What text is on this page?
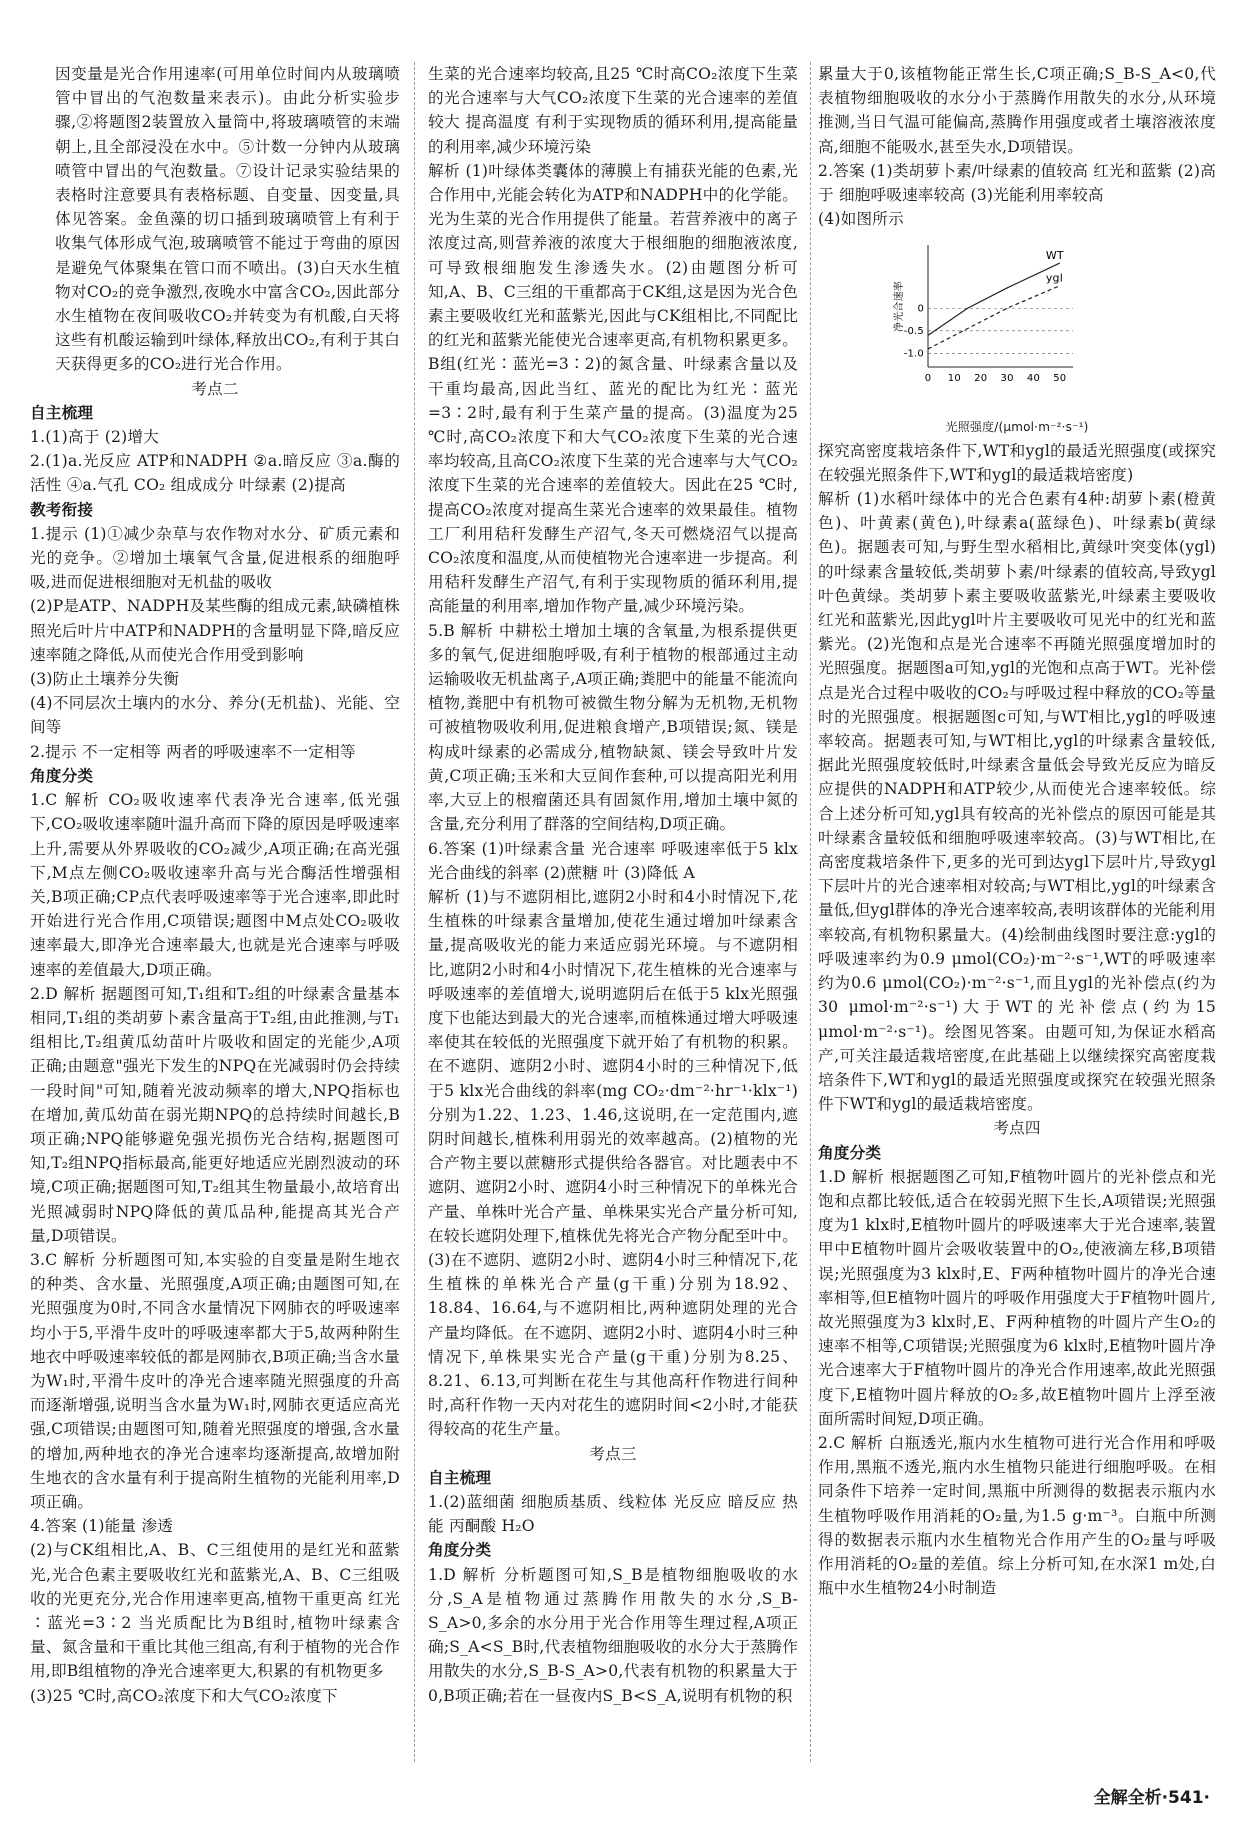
因变量是光合作用速率(可用单位时间内从玻璃喷管中冒出的气泡数量来表示)。由此分析实验步骤,②将题图2装置放入量筒中,将玻璃喷管的末端朝上,且全部浸没在水中。⑤计数一分钟内从玻璃喷管中冒出的气泡数量。⑦设计记录实验结果的表格时注意要具有表格标题、自变量、因变量,具体见答案。金鱼藻的切口插到玻璃喷管上有利于收集气体形成气泡,玻璃喷管不能过于弯曲的原因是避免气体聚集在管口而不喷出。(3)白天水生植物对CO₂的竞争激烈,夜晚水中富含CO₂,因此部分水生植物在夜间吸收CO₂并转变为有机酸,白天将这些有机酸运输到叶绿体,释放出CO₂,有利于其白天获得更多的CO₂进行光合作用。

考点二

自主梳理

1.(1)高于 (2)增大

2.(1)a.光反应 ATP和NADPH ②a.暗反应 ③a.酶的活性 ④a.气孔 CO₂ 组成成分 叶绿素 (2)提高

教考衔接

1.提示 (1)①减少杂草与农作物对水分、矿质元素和光的竞争。②增加土壤氧气含量,促进根系的细胞呼吸,进而促进根细胞对无机盐的吸收

(2)P是ATP、NADPH及某些酶的组成元素,缺磷植株照光后叶片中ATP和NADPH的含量明显下降,暗反应速率随之降低,从而使光合作用受到影响

(3)防止土壤养分失衡

(4)不同层次土壤内的水分、养分(无机盐)、光能、空间等

2.提示 不一定相等 两者的呼吸速率不一定相等

角度分类

1.C 解析 CO₂吸收速率代表净光合速率,低光强下,CO₂吸收速率随叶温升高而下降的原因是呼吸速率上升,需要从外界吸收的CO₂减少,A项正确;在高光强下,M点左侧CO₂吸收速率升高与光合酶活性增强相关,B项正确;CP点代表呼吸速率等于光合速率,即此时开始进行光合作用,C项错误;题图中M点处CO₂吸收速率最大,即净光合速率最大,也就是光合速率与呼吸速率的差值最大,D项正确。

2.D 解析 据题图可知,T₁组和T₂组的叶绿素含量基本相同,T₁组的类胡萝卜素含量高于T₂组,由此推测,与T₁组相比,T₂组黄瓜幼苗叶片吸收和固定的光能少,A项正确;由题意"强光下发生的NPQ在光减弱时仍会持续一段时间"可知,随着光波动频率的增大,NPQ指标也在增加,黄瓜幼苗在弱光期NPQ的总持续时间越长,B项正确;NPQ能够避免强光损伤光合结构,据题图可知,T₂组NPQ指标最高,能更好地适应光剧烈波动的环境,C项正确;据题图可知,T₂组其生物量最小,故培育出光照减弱时NPQ降低的黄瓜品种,能提高其光合产量,D项错误。

3.C 解析 分析题图可知,本实验的自变量是附生地衣的种类、含水量、光照强度,A项正确;由题图可知,在光照强度为0时,不同含水量情况下网肺衣的呼吸速率均小于5,平滑牛皮叶的呼吸速率都大于5,故两种附生地衣中呼吸速率较低的都是网肺衣,B项正确;当含水量为W₁时,平滑牛皮叶的净光合速率随光照强度的升高而逐渐增强,说明当含水量为W₁时,网肺衣更适应高光强,C项错误;由题图可知,随着光照强度的增强,含水量的增加,两种地衣的净光合速率均逐渐提高,故增加附生地衣的含水量有利于提高附生植物的光能利用率,D项正确。

4.答案 (1)能量 渗透

(2)与CK组相比,A、B、C三组使用的是红光和蓝紫光,光合色素主要吸收红光和蓝紫光,A、B、C三组吸收的光更充分,光合作用速率更高,植物干重更高 红光∶蓝光=3∶2 当光质配比为B组时,植物叶绿素含量、氮含量和干重比其他三组高,有利于植物的光合作用,即B组植物的净光合速率更大,积累的有机物更多

(3)25 ℃时,高CO₂浓度下和大气CO₂浓度下

生菜的光合速率均较高,且25 ℃时高CO₂浓度下生菜的光合速率与大气CO₂浓度下生菜的光合速率的差值较大 提高温度 有利于实现物质的循环利用,提高能量的利用率,减少环境污染

解析 (1)叶绿体类囊体的薄膜上有捕获光能的色素,光合作用中,光能会转化为ATP和NADPH中的化学能。光为生菜的光合作用提供了能量。若营养液中的离子浓度过高,则营养液的浓度大于根细胞的细胞液浓度,可导致根细胞发生渗透失水。(2)由题图分析可知,A、B、C三组的干重都高于CK组,这是因为光合色素主要吸收红光和蓝紫光,因此与CK组相比,不同配比的红光和蓝紫光能使光合速率更高,有机物积累更多。B组(红光∶蓝光=3∶2)的氮含量、叶绿素含量以及干重均最高,因此当红、蓝光的配比为红光∶蓝光=3∶2时,最有利于生菜产量的提高。(3)温度为25 ℃时,高CO₂浓度下和大气CO₂浓度下生菜的光合速率均较高,且高CO₂浓度下生菜的光合速率与大气CO₂浓度下生菜的光合速率的差值较大。因此在25 ℃时,提高CO₂浓度对提高生菜光合速率的效果最佳。植物工厂利用秸秆发酵生产沼气,冬天可燃烧沼气以提高CO₂浓度和温度,从而使植物光合速率进一步提高。利用秸秆发酵生产沼气,有利于实现物质的循环利用,提高能量的利用率,增加作物产量,减少环境污染。

5.B 解析 中耕松土增加土壤的含氧量,为根系提供更多的氧气,促进细胞呼吸,有利于植物的根部通过主动运输吸收无机盐离子,A项正确;粪肥中的能量不能流向植物,粪肥中有机物可被微生物分解为无机物,无机物可被植物吸收利用,促进粮食增产,B项错误;氮、镁是构成叶绿素的必需成分,植物缺氮、镁会导致叶片发黄,C项正确;玉米和大豆间作套种,可以提高阳光利用率,大豆上的根瘤菌还具有固氮作用,增加土壤中氮的含量,充分利用了群落的空间结构,D项正确。

6.答案 (1)叶绿素含量 光合速率 呼吸速率低于5 klx光合曲线的斜率 (2)蔗糖 叶 (3)降低 A

解析 (1)与不遮阴相比,遮阴2小时和4小时情况下,花生植株的叶绿素含量增加,使花生通过增加叶绿素含量,提高吸收光的能力来适应弱光环境。与不遮阴相比,遮阴2小时和4小时情况下,花生植株的光合速率与呼吸速率的差值增大,说明遮阴后在低于5 klx光照强度下也能达到最大的光合速率,而植株通过增大呼吸速率使其在较低的光照强度下就开始了有机物的积累。在不遮阴、遮阴2小时、遮阴4小时的三种情况下,低于5 klx光合曲线的斜率(mg CO₂·dm⁻²·hr⁻¹·klx⁻¹)分别为1.22、1.23、1.46,这说明,在一定范围内,遮阴时间越长,植株利用弱光的效率越高。(2)植物的光合产物主要以蔗糖形式提供给各器官。对比题表中不遮阴、遮阴2小时、遮阴4小时三种情况下的单株光合产量、单株叶光合产量、单株果实光合产量分析可知,在较长遮阴处理下,植株优先将光合产物分配至叶中。(3)在不遮阴、遮阴2小时、遮阴4小时三种情况下,花生植株的单株光合产量(g干重)分别为18.92、18.84、16.64,与不遮阴相比,两种遮阴处理的光合产量均降低。在不遮阴、遮阴2小时、遮阴4小时三种情况下,单株果实光合产量(g干重)分别为8.25、8.21、6.13,可判断在花生与其他高秆作物进行间种时,高秆作物一天内对花生的遮阴时间<2小时,才能获得较高的花生产量。

考点三

自主梳理

1.(2)蓝细菌 细胞质基质、线粒体 光反应 暗反应 热能 丙酮酸 H₂O

角度分类

1.D 解析 分析题图可知,S_B是植物细胞吸收的水分,S_A是植物通过蒸腾作用散失的水分,S_B-S_A>0,多余的水分用于光合作用等生理过程,A项正确;S_A<S_B时,代表植物细胞吸收的水分大于蒸腾作用散失的水分,S_B-S_A>0,代表有机物的积累量大于0,B项正确;若在一昼夜内S_B<S_A,说明有机物的积

累量大于0,该植物能正常生长,C项正确;S_B-S_A<0,代表植物细胞吸收的水分小于蒸腾作用散失的水分,从环境推测,当日气温可能偏高,蒸腾作用强度或者土壤溶液浓度高,细胞不能吸水,甚至失水,D项错误。

2.答案 (1)类胡萝卜素/叶绿素的值较高 红光和蓝紫 (2)高于 细胞呼吸速率较高 (3)光能利用率较高

(4)如图所示

净光合速率
0 10 20 30 40 50
0
-0.5
-1.0
WT
ygl

光照强度/(μmol·m⁻²·s⁻¹)

探究高密度栽培条件下,WT和ygl的最适光照强度(或探究在较强光照条件下,WT和ygl的最适栽培密度)

解析 (1)水稻叶绿体中的光合色素有4种:胡萝卜素(橙黄色)、叶黄素(黄色),叶绿素a(蓝绿色)、叶绿素b(黄绿色)。据题表可知,与野生型水稻相比,黄绿叶突变体(ygl)的叶绿素含量较低,类胡萝卜素/叶绿素的值较高,导致ygl叶色黄绿。类胡萝卜素主要吸收蓝紫光,叶绿素主要吸收红光和蓝紫光,因此ygl叶片主要吸收可见光中的红光和蓝紫光。(2)光饱和点是光合速率不再随光照强度增加时的光照强度。据题图a可知,ygl的光饱和点高于WT。光补偿点是光合过程中吸收的CO₂与呼吸过程中释放的CO₂等量时的光照强度。根据题图c可知,与WT相比,ygl的呼吸速率较高。据题表可知,与WT相比,ygl的叶绿素含量较低,据此光照强度较低时,叶绿素含量低会导致光反应为暗反应提供的NADPH和ATP较少,从而使光合速率较低。综合上述分析可知,ygl具有较高的光补偿点的原因可能是其叶绿素含量较低和细胞呼吸速率较高。(3)与WT相比,在高密度栽培条件下,更多的光可到达ygl下层叶片,导致ygl下层叶片的光合速率相对较高;与WT相比,ygl的叶绿素含量低,但ygl群体的净光合速率较高,表明该群体的光能利用率较高,有机物积累量大。(4)绘制曲线图时要注意:ygl的呼吸速率约为0.9 μmol(CO₂)·m⁻²·s⁻¹,WT的呼吸速率约为0.6 μmol(CO₂)·m⁻²·s⁻¹,而且ygl的光补偿点(约为30 μmol·m⁻²·s⁻¹)大于WT的光补偿点(约为15 μmol·m⁻²·s⁻¹)。绘图见答案。由题可知,为保证水稻高产,可关注最适栽培密度,在此基础上以继续探究高密度栽培条件下,WT和ygl的最适光照强度或探究在较强光照条件下WT和ygl的最适栽培密度。

考点四

角度分类

1.D 解析 根据题图乙可知,F植物叶圆片的光补偿点和光饱和点都比较低,适合在较弱光照下生长,A项错误;光照强度为1 klx时,E植物叶圆片的呼吸速率大于光合速率,装置甲中E植物叶圆片会吸收装置中的O₂,使液滴左移,B项错误;光照强度为3 klx时,E、F两种植物叶圆片的净光合速率相等,但E植物叶圆片的呼吸作用强度大于F植物叶圆片,故光照强度为3 klx时,E、F两种植物的叶圆片产生O₂的速率不相等,C项错误;光照强度为6 klx时,E植物叶圆片净光合速率大于F植物叶圆片的净光合作用速率,故此光照强度下,E植物叶圆片释放的O₂多,故E植物叶圆片上浮至液面所需时间短,D项正确。

2.C 解析 白瓶透光,瓶内水生植物可进行光合作用和呼吸作用,黑瓶不透光,瓶内水生植物只能进行细胞呼吸。在相同条件下培养一定时间,黑瓶中所测得的数据表示瓶内水生植物呼吸作用消耗的O₂量,为1.5 g·m⁻³。白瓶中所测得的数据表示瓶内水生植物光合作用产生的O₂量与呼吸作用消耗的O₂量的差值。综上分析可知,在水深1 m处,白瓶中水生植物24小时制造

全解全析·541·
